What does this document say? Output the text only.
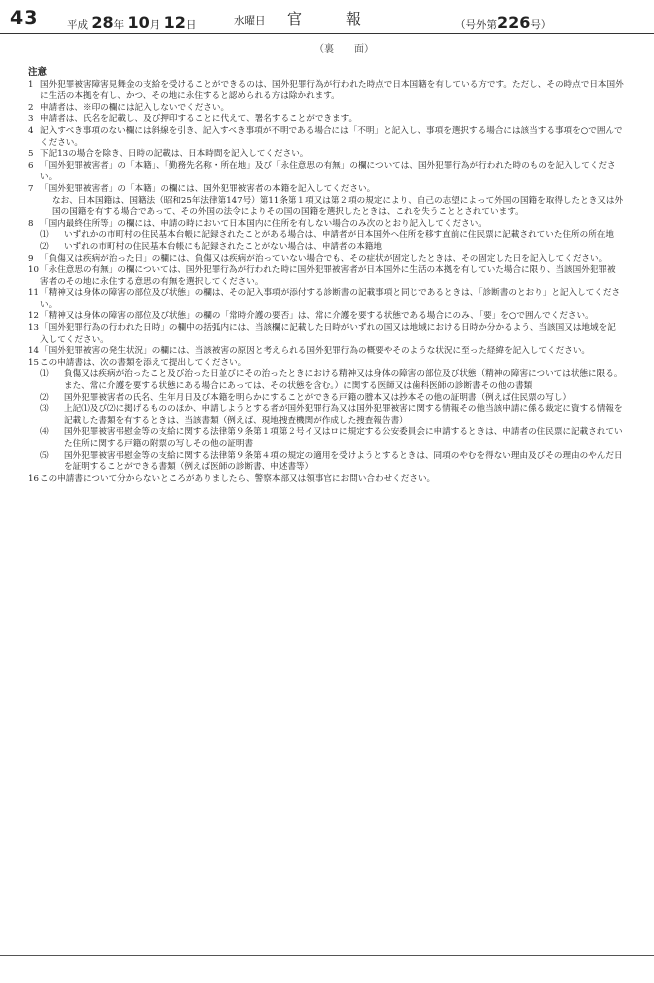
43	平成 28年 10月 12日	水曜日 官報	（号外第226号）
（裏　　面）
注意
1 国外犯罪被害障害見舞金の支給を受けることができるのは、国外犯罪行為が行われた時点で日本国籍を有している方です。ただし、その時点で日本国外に生活の本拠を有し、かつ、その地に永住すると認められる方は除かれます。
2 申請者は、※印の欄には記入しないでください。
3 申請者は、氏名を記載し、及び押印することに代えて、署名することができます。
4 記入すべき事項のない欄には斜線を引き、記入すべき事項が不明である場合には「不明」と記入し、事項を選択する場合には該当する事項を○で囲んでください。
5 下記13の場合を除き、日時の記載は、日本時間を記入してください。
6 「国外犯罪被害者」の「本籍」、「勤務先名称・所在地」及び「永住意思の有無」の欄については、国外犯罪行為が行われた時のものを記入してください。
7 「国外犯罪被害者」の「本籍」の欄には、国外犯罪被害者の本籍を記入してください。
なお、日本国籍は、国籍法（昭和25年法律第147号）第11条第１項又は第２項の規定により、自己の志望によって外国の国籍を取得したとき又は外国の国籍を有する場合であって、その外国の法令によりその国の国籍を選択したときは、これを失うこととされています。
8 「国内最終住所等」の欄には、申請の時において日本国内に住所を有しない場合のみ次のとおり記入してください。
⑴ いずれかの市町村の住民基本台帳に記録されたことがある場合は、申請者が日本国外へ住所を移す直前に住民票に記載されていた住所の所在地
⑵ いずれの市町村の住民基本台帳にも記録されたことがない場合は、申請者の本籍地
9 「負傷又は疾病が治った日」の欄には、負傷又は疾病が治っていない場合でも、その症状が固定したときは、その固定した日を記入してください。
10 「永住意思の有無」の欄については、国外犯罪行為が行われた時に国外犯罪被害者が日本国外に生活の本拠を有していた場合に限り、当該国外犯罪被害者のその地に永住する意思の有無を選択してください。
11 「精神又は身体の障害の部位及び状態」の欄は、その記入事項が添付する診断書の記載事項と同じであるときは、「診断書のとおり」と記入してください。
12 「精神又は身体の障害の部位及び状態」の欄の「常時介護の要否」は、常に介護を要する状態である場合にのみ、「要」を○で囲んでください。
13 「国外犯罪行為の行われた日時」の欄中の括弧内には、当該欄に記載した日時がいずれの国又は地域における日時か分かるよう、当該国又は地域を記入してください。
14 「国外犯罪被害の発生状況」の欄には、当該被害の原因と考えられる国外犯罪行為の概要やそのような状況に至った経緯を記入してください。
15 この申請書は、次の書類を添えて提出してください。
⑴ 負傷又は疾病が治ったこと及び治った日並びにその治ったときにおける精神又は身体の障害の部位及び状態（精神の障害については状態に限る。また、常に介護を要する状態にある場合にあっては、その状態を含む。）に関する医師又は歯科医師の診断書その他の書類
⑵ 国外犯罪被害者の氏名、生年月日及び本籍を明らかにすることができる戸籍の謄本又は抄本その他の証明書（例えば住民票の写し）
⑶ 上記⑴及び⑵に掲げるもののほか、申請しようとする者が国外犯罪行為又は国外犯罪被害に関する情報その他当該申請に係る裁定に資する情報を記載した書類を有するときは、当該書類（例えば、現地捜査機関が作成した捜査報告書）
⑷ 国外犯罪被害弔慰金等の支給に関する法律第９条第１項第２号イ又はロに規定する公安委員会に申請するときは、申請者の住民票に記載されていた住所に関する戸籍の附票の写しその他の証明書
⑸ 国外犯罪被害弔慰金等の支給に関する法律第９条第４項の規定の適用を受けようとするときは、同項のやむを得ない理由及びその理由のやんだ日を証明することができる書類（例えば医師の診断書、申述書等）
16 この申請書について分からないところがありましたら、警察本部又は領事官にお問い合わせください。
